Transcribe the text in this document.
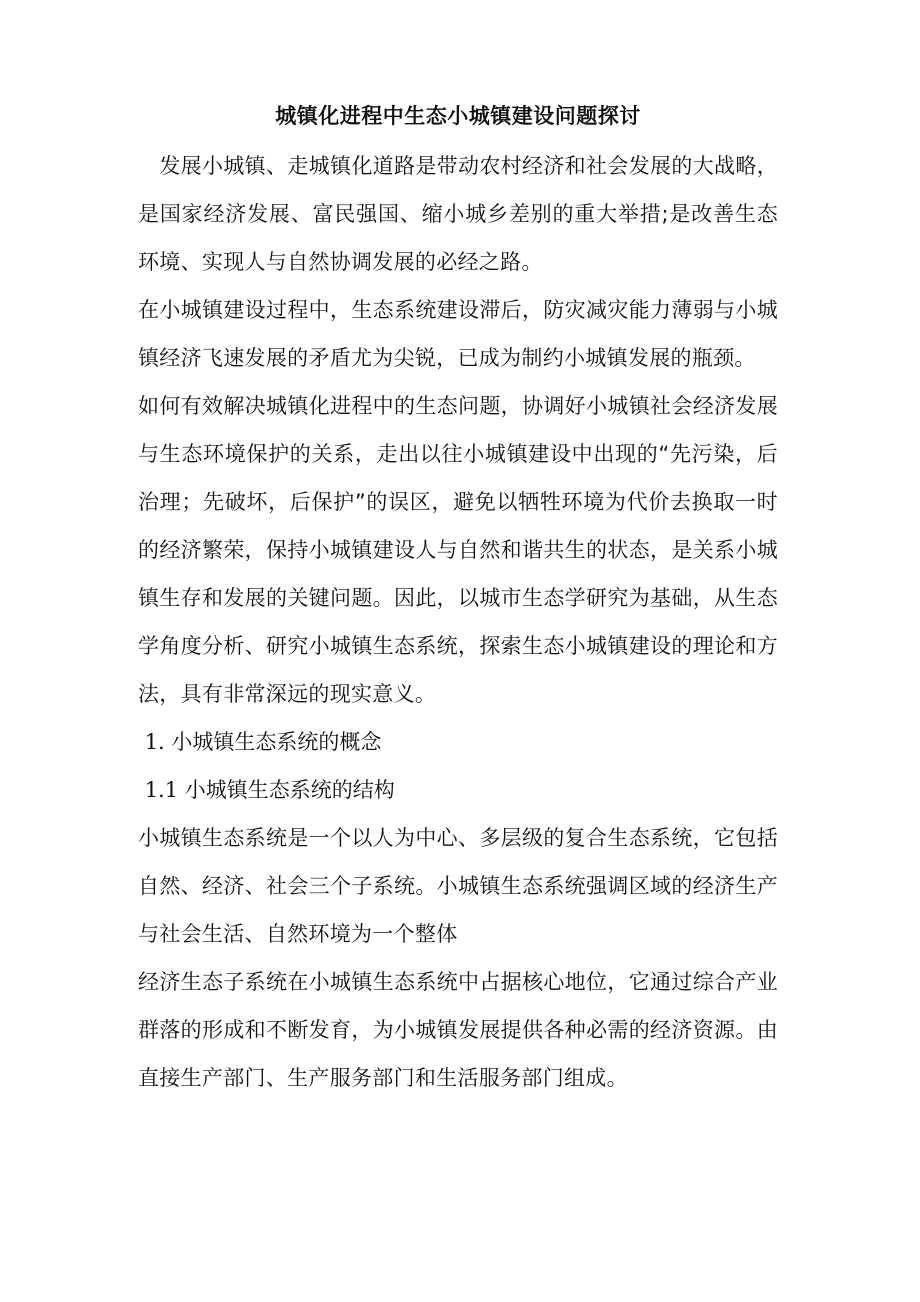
城镇化进程中生态小城镇建设问题探讨

　发展小城镇、走城镇化道路是带动农村经济和社会发展的大战略，是国家经济发展、富民强国、缩小城乡差别的重大举措;是改善生态环境、实现人与自然协调发展的必经之路。

在小城镇建设过程中，生态系统建设滞后，防灾减灾能力薄弱与小城镇经济飞速发展的矛盾尤为尖锐，已成为制约小城镇发展的瓶颈。

如何有效解决城镇化进程中的生态问题，协调好小城镇社会经济发展与生态环境保护的关系，走出以往小城镇建设中出现的“先污染，后治理；先破坏，后保护”的误区，避免以牺牲环境为代价去换取一时的经济繁荣，保持小城镇建设人与自然和谐共生的状态，是关系小城镇生存和发展的关键问题。因此，以城市生态学研究为基础，从生态学角度分析、研究小城镇生态系统，探索生态小城镇建设的理论和方法，具有非常深远的现实意义。

1. 小城镇生态系统的概念
1.1 小城镇生态系统的结构

小城镇生态系统是一个以人为中心、多层级的复合生态系统，它包括自然、经济、社会三个子系统。小城镇生态系统强调区域的经济生产与社会生活、自然环境为一个整体

经济生态子系统在小城镇生态系统中占据核心地位，它通过综合产业群落的形成和不断发育，为小城镇发展提供各种必需的经济资源。由直接生产部门、生产服务部门和生活服务部门组成。
